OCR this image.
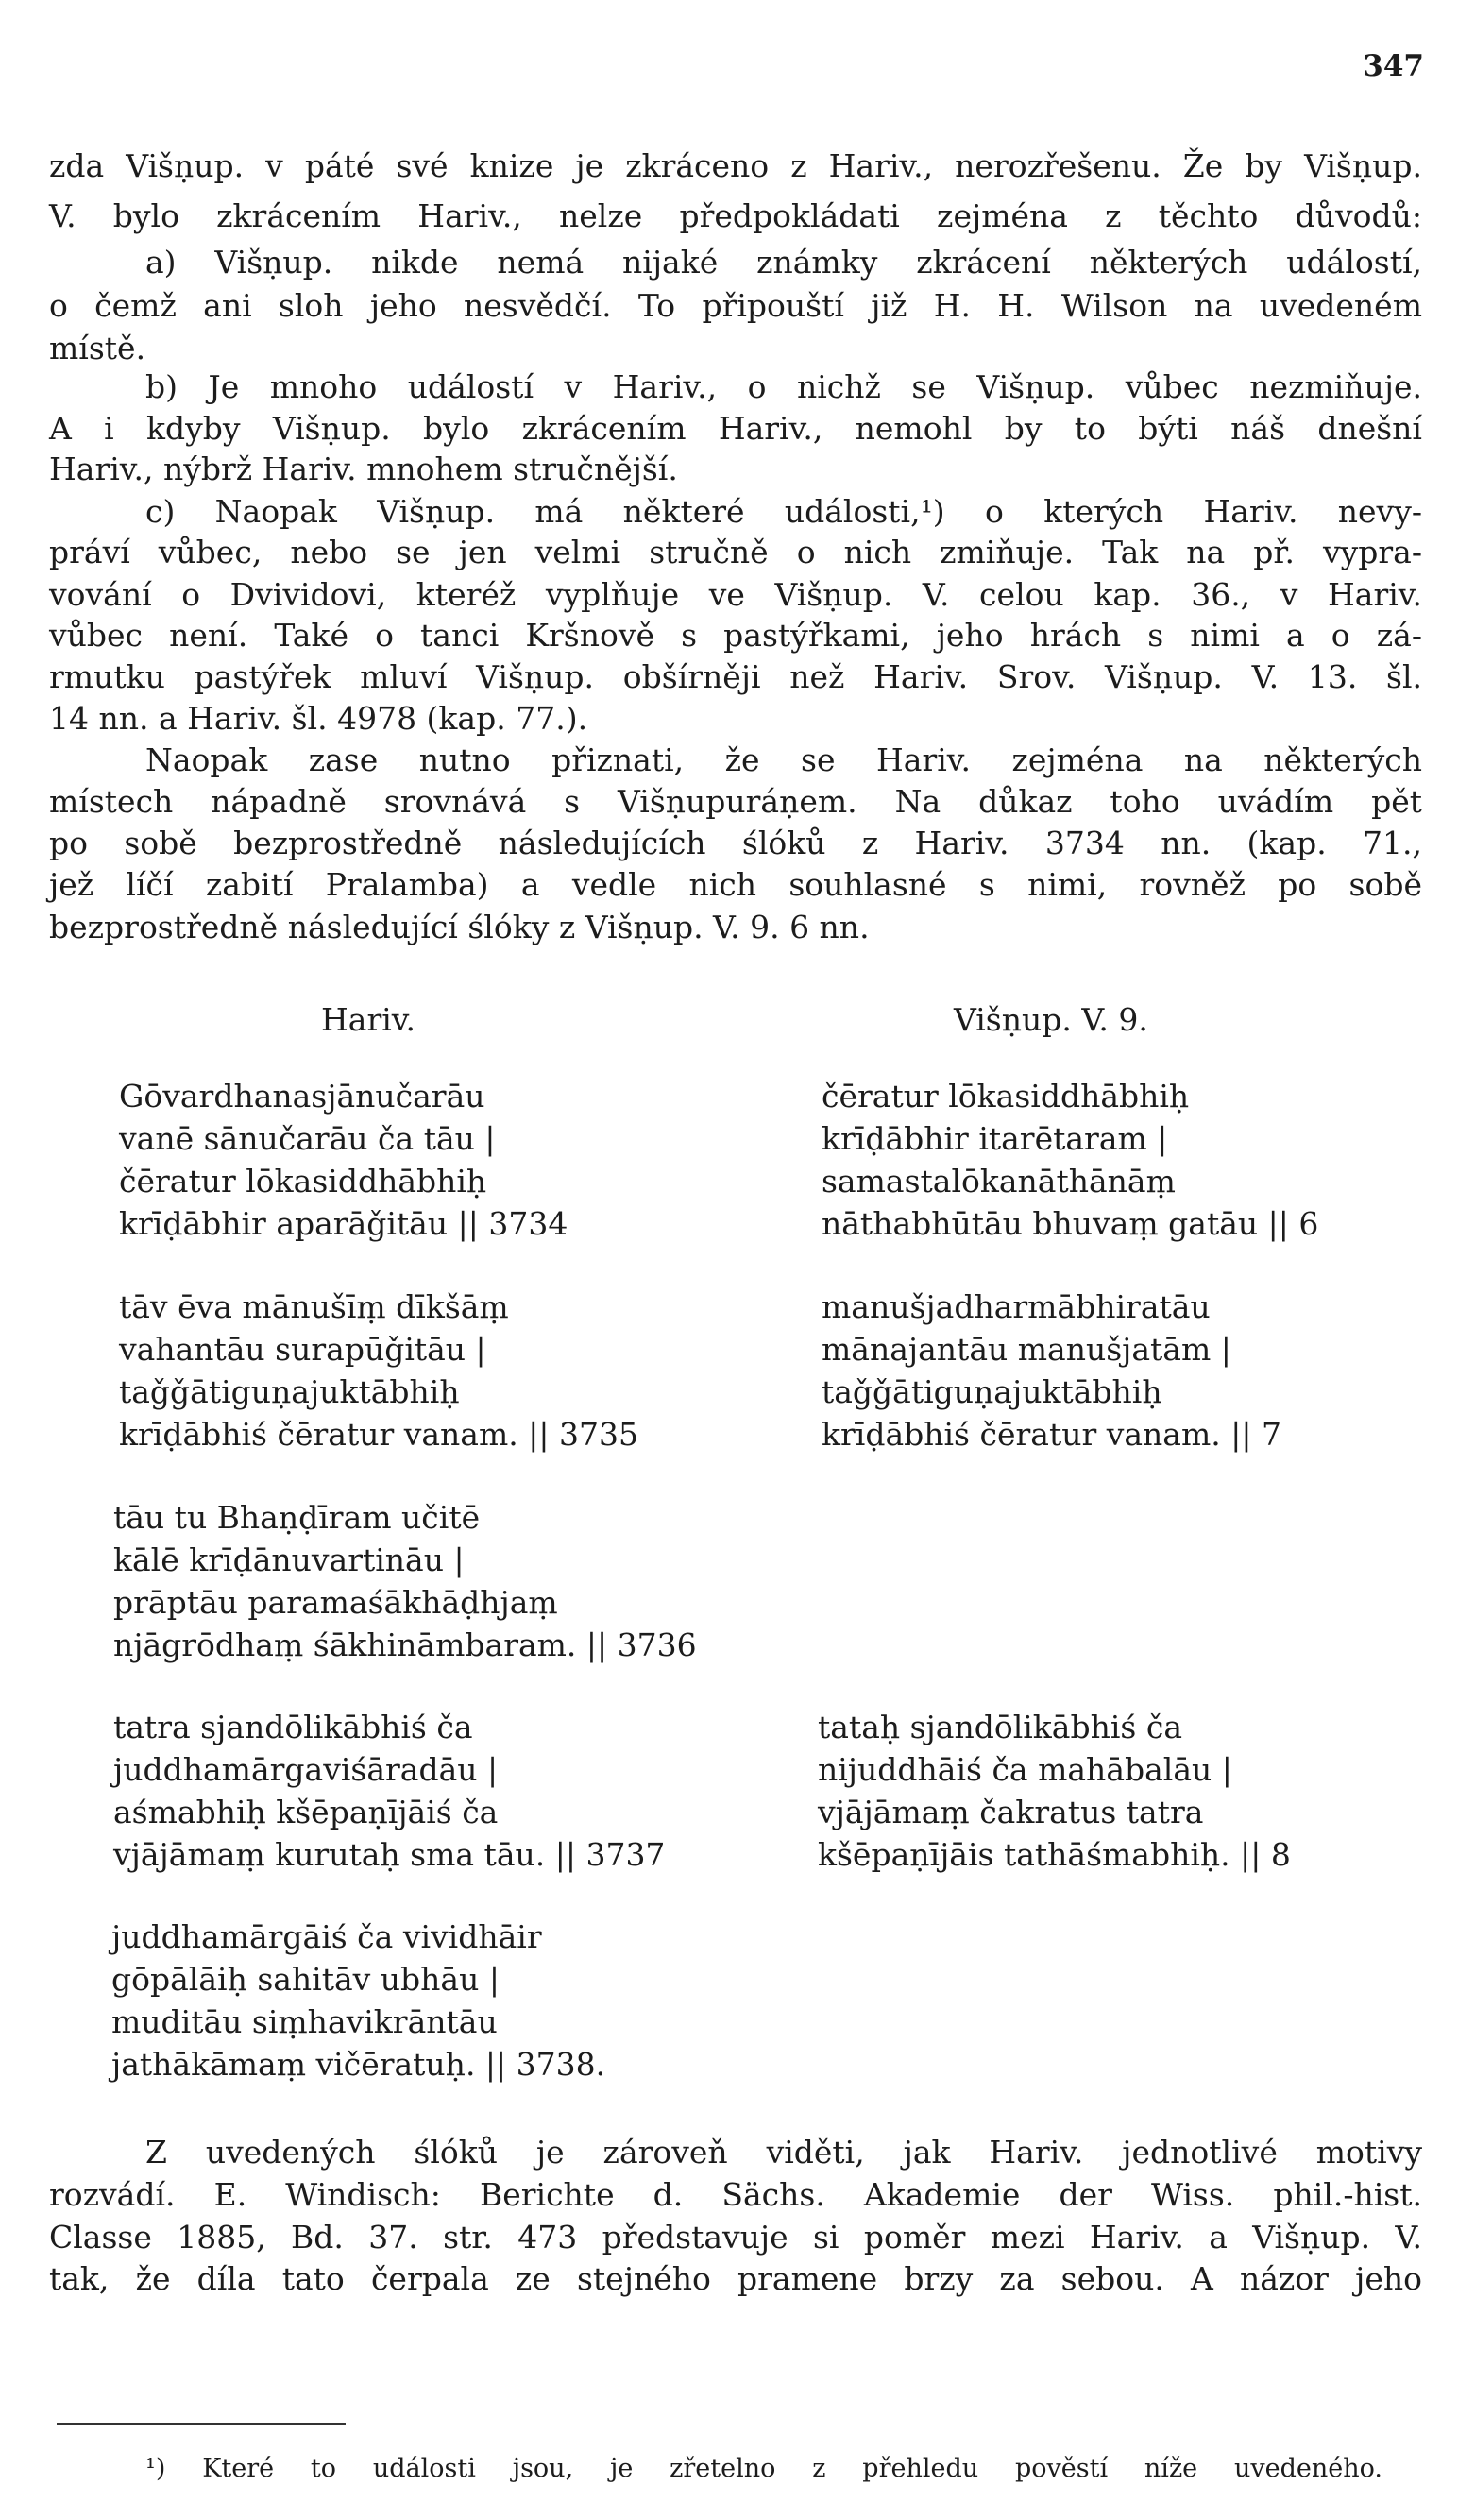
347
zda Višṇup. v páté své knize je zkráceno z Hariv., nerozřešenu. Že by Višṇup.
V. bylo zkrácením Hariv., nelze předpokládati zejména z těchto důvodů:
a) Višṇup. nikde nemá nijaké známky zkrácení některých událostí,
o čemž ani sloh jeho nesvědčí. To připouští již H. H. Wilson na uvedeném
místě.
b) Je mnoho událostí v Hariv., o nichž se Višṇup. vůbec nezmiňuje.
A i kdyby Višṇup. bylo zkrácením Hariv., nemohl by to býti náš dnešní
Hariv., nýbrž Hariv. mnohem stručnější.
c) Naopak Višṇup. má některé události,¹) o kterých Hariv. nevy-
práví vůbec, nebo se jen velmi stručně o nich zmiňuje. Tak na př. vypra-
vování o Dvividovi, kteréž vyplňuje ve Višṇup. V. celou kap. 36., v Hariv.
vůbec není. Také o tanci Kršnově s pastýřkami, jeho hrách s nimi a o zá-
rmutku pastýřek mluví Višṇup. obšírněji než Hariv. Srov. Višṇup. V. 13. šl.
14 nn. a Hariv. šl. 4978 (kap. 77.).
Naopak zase nutno přiznati, že se Hariv. zejména na některých
místech nápadně srovnává s Višṇupuráṇem. Na důkaz toho uvádím pět
po sobě bezprostředně následujících ślóků z Hariv. 3734 nn. (kap. 71.,
jež líčí zabití Pralamba) a vedle nich souhlasné s nimi, rovněž po sobě
bezprostředně následující ślóky z Višṇup. V. 9. 6 nn.
Hariv.	Višṇup. V. 9.
Gōvardhanasjānučarāu
vanē sānučarāu ča tāu |
čēratur lōkasiddhābhiḥ
krīḍābhir aparāǧitāu || 3734
tāv ēva mānušīṃ dīkšāṃ
vahantāu surapūǧitāu |
taǧǧātiguṇajuktābhiḥ
krīḍābhiś čēratur vanam. || 3735
tāu tu Bhaṇḍīram učitē
kālē krīḍānuvartināu |
prāptāu paramaśākhāḍhjaṃ
njāgrōdhaṃ śākhināmbaram. || 3736
tatra sjandōlikābhiś ča
juddhamārgaviśāradāu |
aśmabhiḥ kšēpaṇījāiś ča
vjājāmaṃ kurutaḥ sma tāu. || 3737
juddhamārgāiś ča vividhāir
gōpālāiḥ sahitāv ubhāu |
muditāu siṃhavikrāntāu
jathākāmaṃ vičēratuḥ. || 3738.
čēratur lōkasiddhābhiḥ
krīḍābhir itarētaram |
samastalōkanāthānāṃ
nāthabhūtāu bhuvaṃ gatāu || 6
manušjadharmābhiratāu
mānajantāu manušjatām |
taǧǧātiguṇajuktābhiḥ
krīḍābhiś čēratur vanam. || 7
tataḥ sjandōlikābhiś ča
nijuddhāiś ča mahābalāu |
vjājāmaṃ čakratus tatra
kšēpaṇījāis tathāśmabhiḥ. || 8
Z uvedených ślóků je zároveň viděti, jak Hariv. jednotlivé motivy
rozvádí. E. Windisch: Berichte d. Sächs. Akademie der Wiss. phil.-hist.
Classe 1885, Bd. 37. str. 473 představuje si poměr mezi Hariv. a Višṇup. V.
tak, že díla tato čerpala ze stejného pramene brzy za sebou. A názor jeho
¹) Které to události jsou, je zřetelno z přehledu pověstí níže uvedeného.
